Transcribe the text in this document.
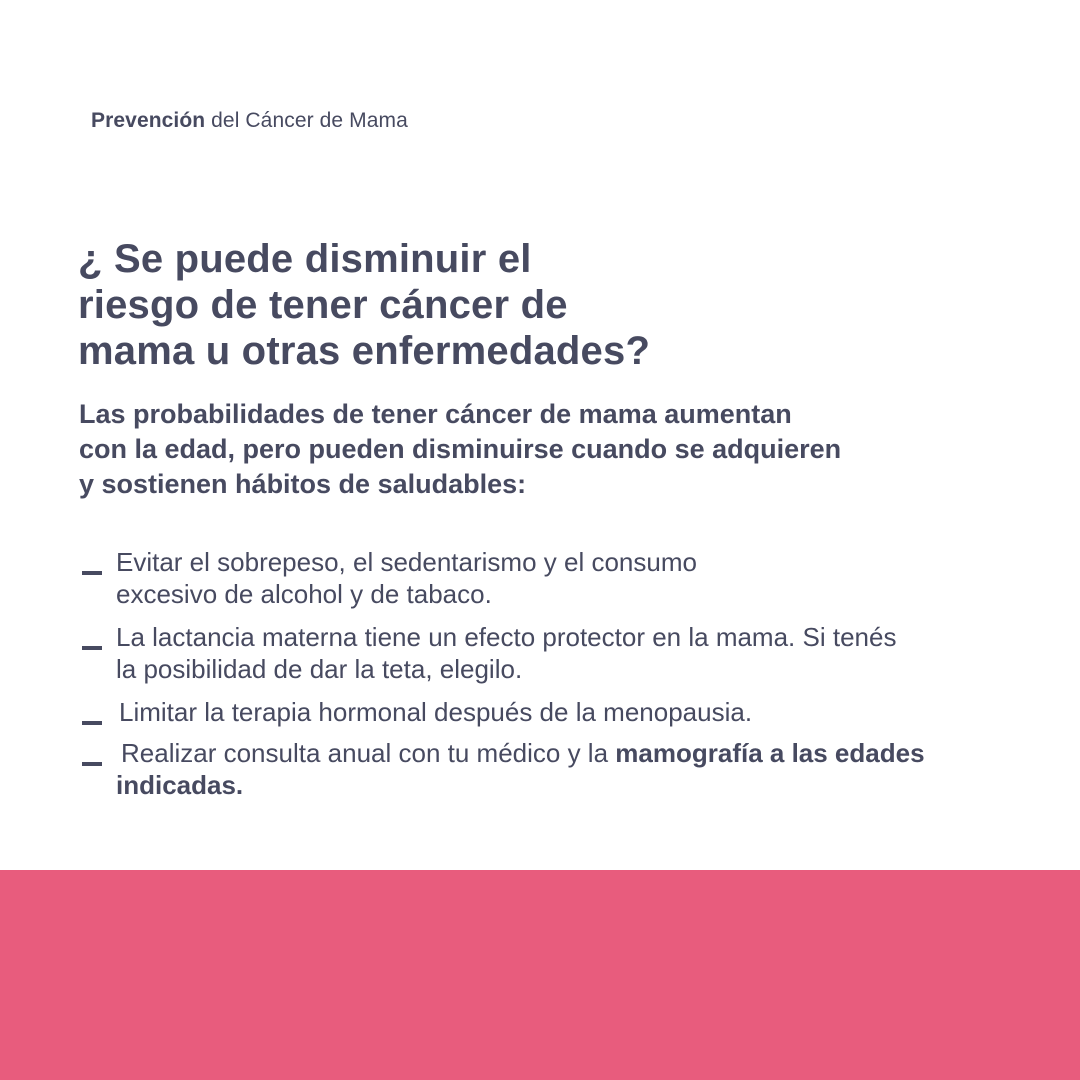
Prevención del Cáncer de Mama
¿ Se puede disminuir el
riesgo de tener cáncer de
mama u otras enfermedades?

Las probabilidades de tener cáncer de mama aumentan
con la edad, pero pueden disminuirse cuando se adquieren
y sostienen hábitos de saludables:

Evitar el sobrepeso, el sedentarismo y el consumo
excesivo de alcohol y de tabaco.
La lactancia materna tiene un efecto protector en la mama. Si tenés
la posibilidad de dar la teta, elegilo.
Limitar la terapia hormonal después de la menopausia.
Realizar consulta anual con tu médico y la mamografía a las edades
indicadas.
